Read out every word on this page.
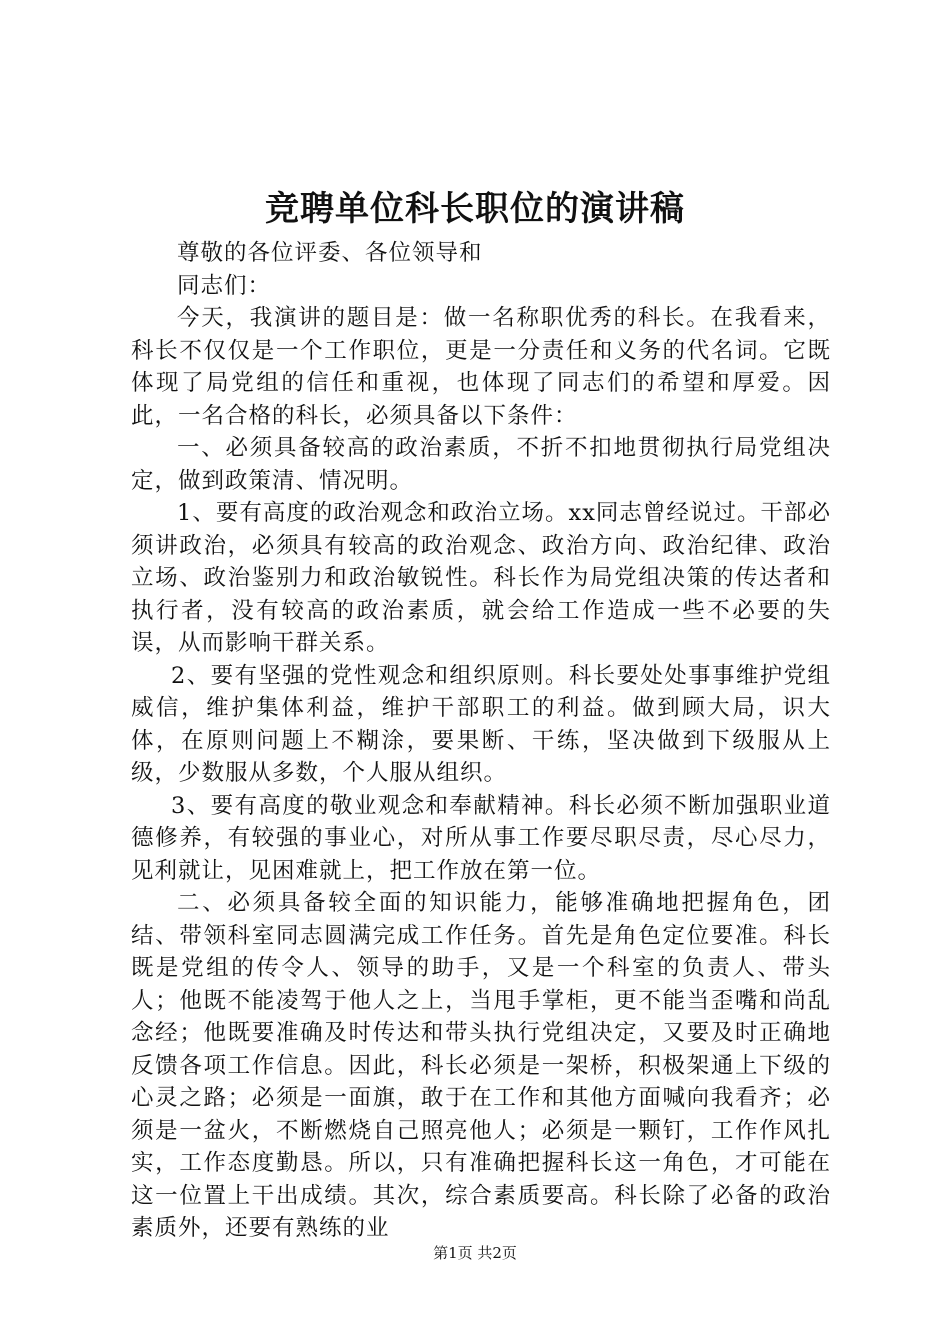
竞聘单位科长职位的演讲稿

尊敬的各位评委、各位领导和

同志们：

今天，我演讲的题目是：做一名称职优秀的科长。在我看来，科长不仅仅是一个工作职位，更是一分责任和义务的代名词。它既体现了局党组的信任和重视，也体现了同志们的希望和厚爱。因此，一名合格的科长，必须具备以下条件：

一、必须具备较高的政治素质，不折不扣地贯彻执行局党组决定，做到政策清、情况明。

1、要有高度的政治观念和政治立场。xx同志曾经说过。干部必须讲政治，必须具有较高的政治观念、政治方向、政治纪律、政治立场、政治鉴别力和政治敏锐性。科长作为局党组决策的传达者和执行者，没有较高的政治素质，就会给工作造成一些不必要的失误，从而影响干群关系。

2、要有坚强的党性观念和组织原则。科长要处处事事维护党组威信，维护集体利益，维护干部职工的利益。做到顾大局，识大体，在原则问题上不糊涂，要果断、干练，坚决做到下级服从上级，少数服从多数，个人服从组织。

3、要有高度的敬业观念和奉献精神。科长必须不断加强职业道德修养，有较强的事业心，对所从事工作要尽职尽责，尽心尽力，见利就让，见困难就上，把工作放在第一位。

二、必须具备较全面的知识能力，能够准确地把握角色，团结、带领科室同志圆满完成工作任务。首先是角色定位要准。科长既是党组的传令人、领导的助手，又是一个科室的负责人、带头人；他既不能凌驾于他人之上，当甩手掌柜，更不能当歪嘴和尚乱念经；他既要准确及时传达和带头执行党组决定，又要及时正确地反馈各项工作信息。因此，科长必须是一架桥，积极架通上下级的心灵之路；必须是一面旗，敢于在工作和其他方面喊向我看齐；必须是一盆火，不断燃烧自己照亮他人；必须是一颗钉，工作作风扎实，工作态度勤恳。所以，只有准确把握科长这一角色，才可能在这一位置上干出成绩。其次，综合素质要高。科长除了必备的政治素质外，还要有熟练的业

第1页 共2页
